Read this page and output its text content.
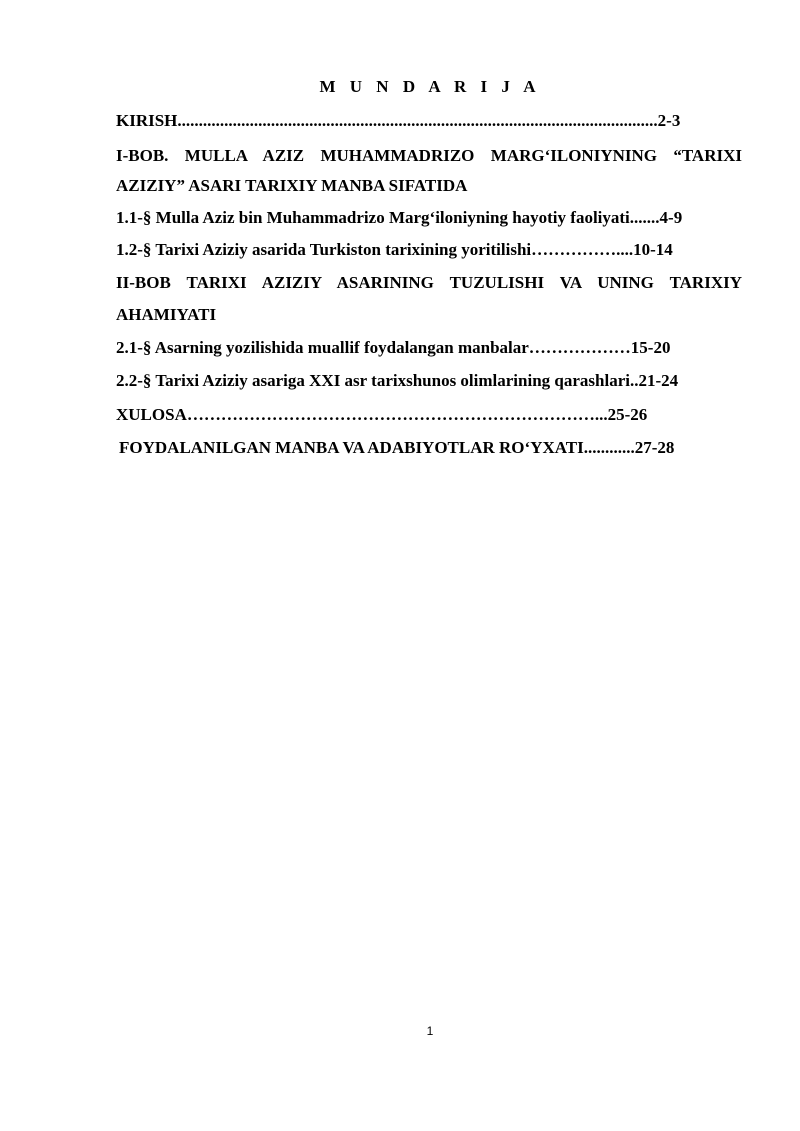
M U N D A R I J A
KIRISH.................................................................................................................2-3
I-BOB. MULLA AZIZ MUHAMMADRIZO MARG‘ILONIYNING “TARIXI
AZIZIY” ASARI TARIXIY MANBA SIFATIDA
1.1-§ Mulla Aziz bin Muhammadrizo Marg‘iloniyning hayotiy faoliyati.......4-9
1.2-§ Tarixi Aziziy asarida Turkiston tarixining yoritilishi……………....10-14
II-BOB TARIXI AZIZIY ASARINING TUZULISHI VA UNING TARIXIY
AHAMIYATI
2.1-§ Asarning yozilishida muallif foydalangan manbalar………………15-20
2.2-§ Tarixi Aziziy asariga XXI asr tarixshunos olimlarining qarashlari..21-24
XULOSA………………………………………………………………...25-26
FOYDALANILGAN MANBA VA ADABIYOTLAR RO‘YXATI............27-28
1
